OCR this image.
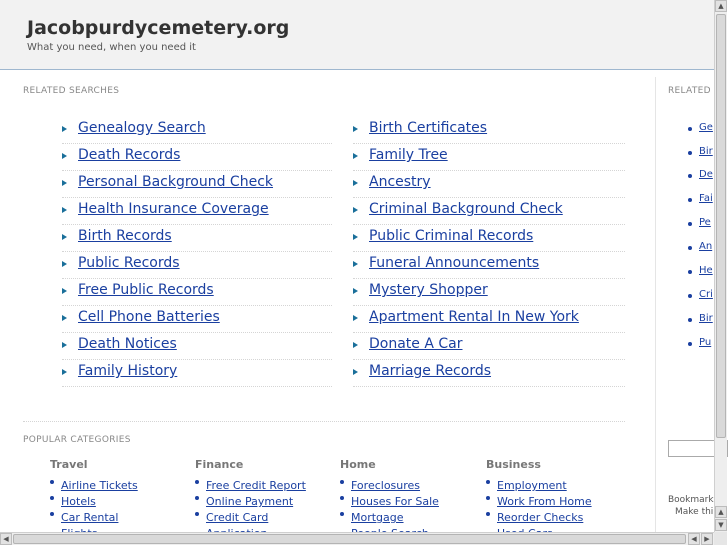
Jacobpurdycemetery.org
What you need, when you need it
RELATED SEARCHES
Genealogy Search
Death Records
Personal Background Check
Health Insurance Coverage
Birth Records
Public Records
Free Public Records
Cell Phone Batteries
Death Notices
Family History
Birth Certificates
Family Tree
Ancestry
Criminal Background Check
Public Criminal Records
Funeral Announcements
Mystery Shopper
Apartment Rental In New York
Donate A Car
Marriage Records
POPULAR CATEGORIES
Travel
Airline Tickets
Hotels
Car Rental
Finance
Free Credit Report
Online Payment
Credit Card
Home
Foreclosures
Houses For Sale
Mortgage
Business
Employment
Work From Home
Reorder Checks
RELATED
Ge
Bir
De
Fai
Pe
An
He
Cri
Bir
Pu
Bookmark
Make thi
▲
▲
▼
◀	◀	▶
